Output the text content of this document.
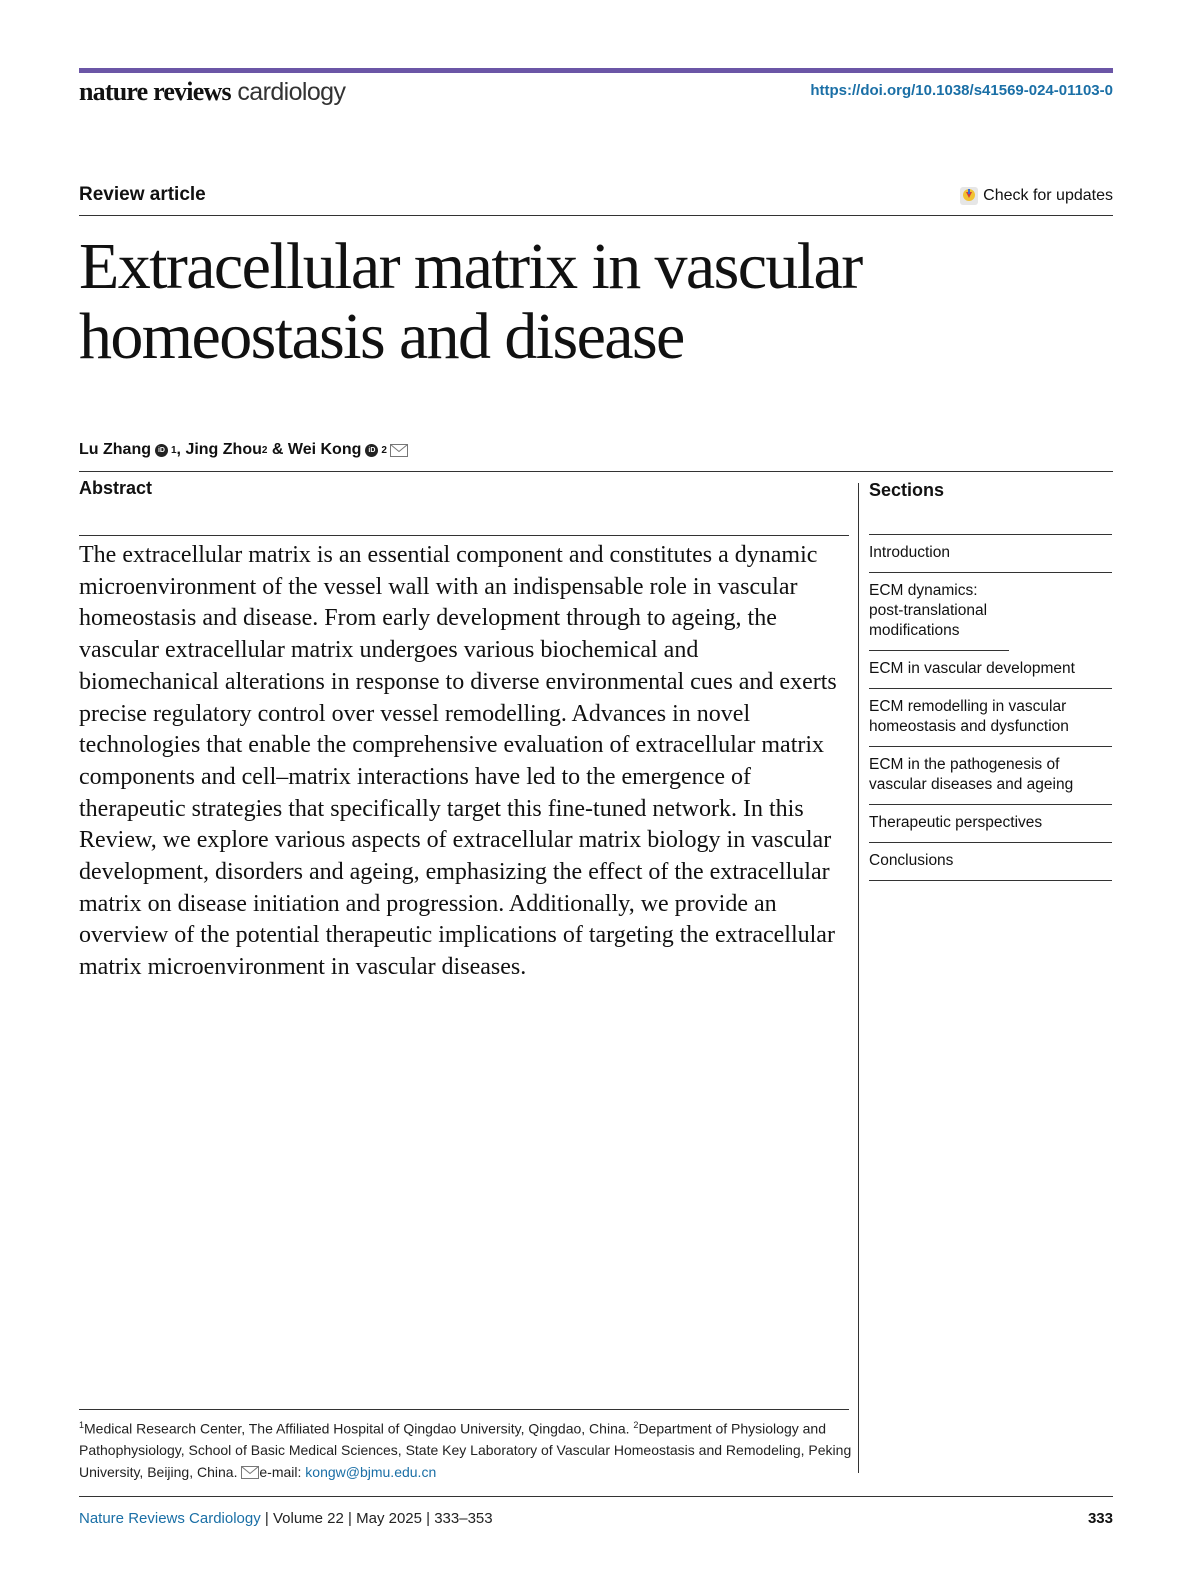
nature reviews cardiology	https://doi.org/10.1038/s41569-024-01103-0
Review article	Check for updates
Extracellular matrix in vascular homeostasis and disease
Lu Zhang	iD 1 , Jing Zhou 2 & Wei Kong	iD 2
Abstract

The extracellular matrix is an essential component and constitutes a dynamic microenvironment of the vessel wall with an indispensable role in vascular homeostasis and disease. From early development through to ageing, the vascular extracellular matrix undergoes various biochemical and biomechanical alterations in response to diverse environmental cues and exerts precise regulatory control over vessel remodelling. Advances in novel technologies that enable the comprehensive evaluation of extracellular matrix components and cell–matrix interactions have led to the emergence of therapeutic strategies that specifically target this fine-tuned network. In this Review, we explore various aspects of extracellular matrix biology in vascular development, disorders and ageing, emphasizing the effect of the extracellular matrix on disease initiation and progression. Additionally, we provide an overview of the potential therapeutic implications of targeting the extracellular matrix microenvironment in vascular diseases.

Sections
Introduction
ECM dynamics: post-translational modifications
ECM in vascular development
ECM remodelling in vascular homeostasis and dysfunction
ECM in the pathogenesis of vascular diseases and ageing
Therapeutic perspectives
Conclusions
$^1$Medical Research Center, The Affiliated Hospital of Qingdao University, Qingdao, China. $^2$Department of Physiology and Pathophysiology, School of Basic Medical Sciences, State Key Laboratory of Vascular Homeostasis and Remodeling, Peking University, Beijing, China. e-mail: kongw@bjmu.edu.cn
Nature Reviews Cardiology | Volume 22 | May 2025 | 333–353	333
